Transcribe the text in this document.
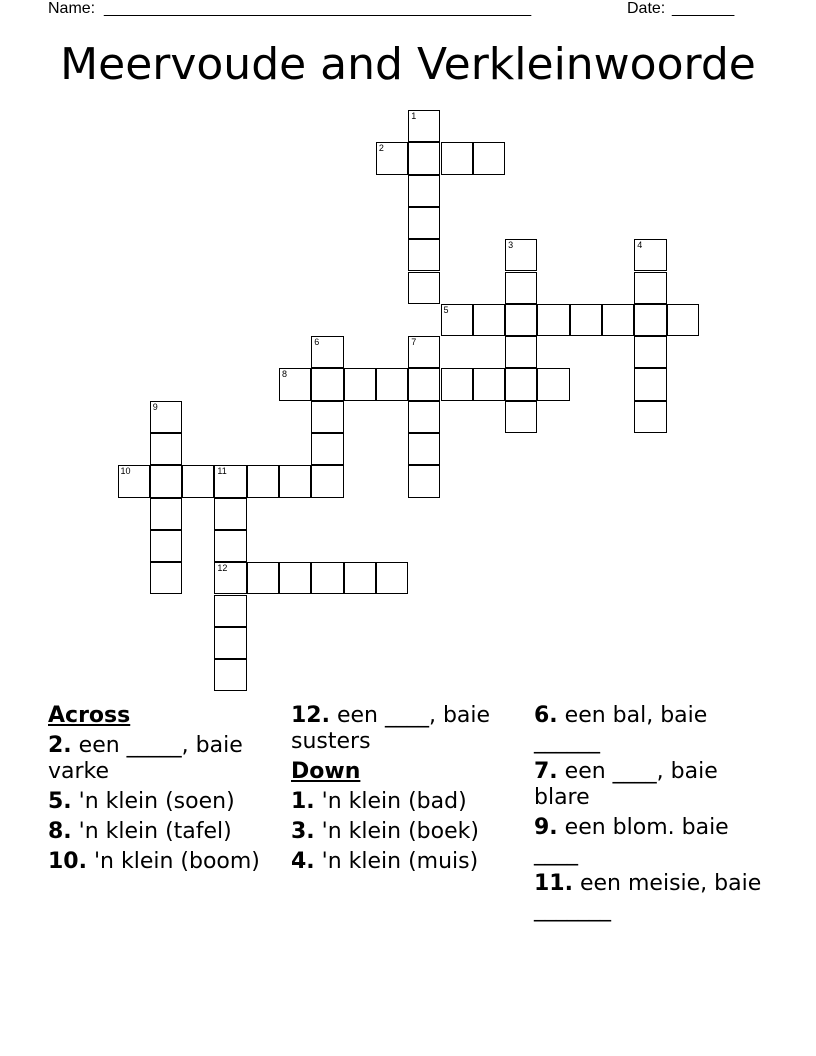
Name: ________________________________________________	Date: _______
Meervoude and Verkleinwoorde
1
2
3	4
5
6	7
8
9
10	11
12
Across
2. een _____, baie varke
5. 'n klein (soen)
8. 'n klein (tafel)
10. 'n klein (boom)
12. een ____, baie susters
Down
1. 'n klein (bad)
3. 'n klein (boek)
4. 'n klein (muis)
6. een bal, baie ______
7. een ____, baie blare
9. een blom. baie ____
11. een meisie, baie _______
